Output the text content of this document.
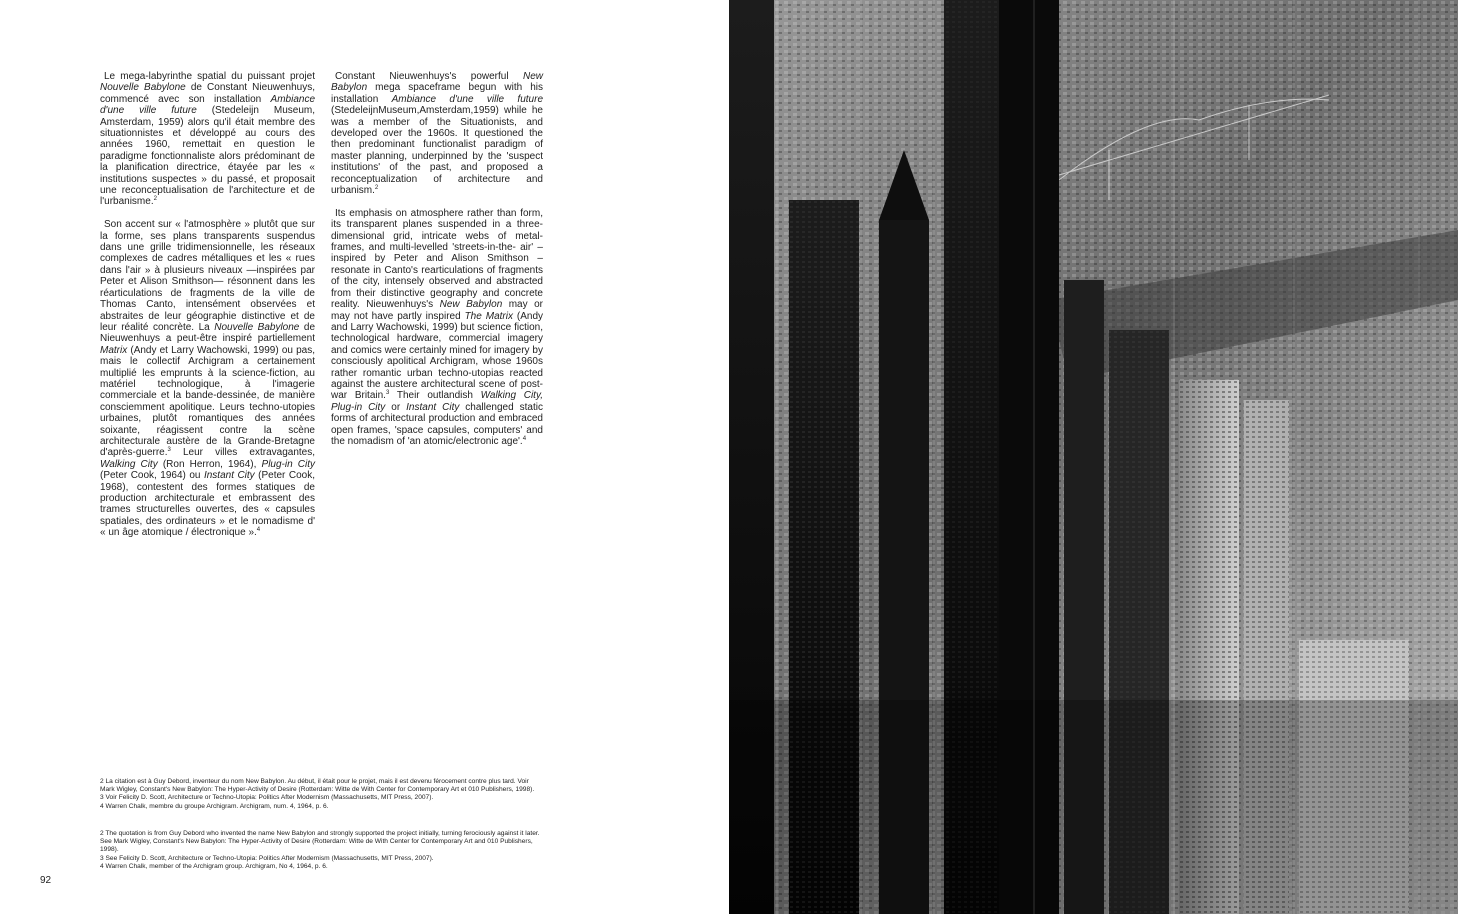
Le mega-labyrinthe spatial du puissant projet Nouvelle Babylone de Constant Nieuwenhuys, commencé avec son installation Ambiance d'une ville future (Stedeleijn Museum, Amsterdam, 1959) alors qu'il était membre des situationnistes et développé au cours des années 1960, remettait en question le paradigme fonctionnaliste alors prédominant de la planification directrice, étayée par les « institutions suspectes » du passé, et proposait une reconceptualisation de l'architecture et de l'urbanisme.$^2$

Son accent sur « l'atmosphère » plutôt que sur la forme, ses plans transparents suspendus dans une grille tridimensionnelle, les réseaux complexes de cadres métalliques et les « rues dans l'air » à plusieurs niveaux —inspirées par Peter et Alison Smithson— résonnent dans les réarticulations de fragments de la ville de Thomas Canto, intensément observées et abstraites de leur géographie distinctive et de leur réalité concrète. La Nouvelle Babylone de Nieuwenhuys a peut-être inspiré partiellement Matrix (Andy et Larry Wachowski, 1999) ou pas, mais le collectif Archigram a certainement multiplié les emprunts à la science-fiction, au matériel technologique, à l'imagerie commerciale et la bande-dessinée, de manière consciemment apolitique. Leurs techno-utopies urbaines, plutôt romantiques des années soixante, réagissent contre la scène architecturale austère de la Grande-Bretagne d'après-guerre.$^3$ Leur villes extravagantes, Walking City (Ron Herron, 1964), Plug-in City (Peter Cook, 1964) ou Instant City (Peter Cook, 1968), contestent des formes statiques de production architecturale et embrassent des trames structurelles ouvertes, des « capsules spatiales, des ordinateurs » et le nomadisme d' « un âge atomique / électronique ».$^4$

Constant Nieuwenhuys's powerful New Babylon mega spaceframe begun with his installation Ambiance d'une ville future (StedeleijnMuseum,Amsterdam,1959) while he was a member of the Situationists, and developed over the 1960s. It questioned the then predominant functionalist paradigm of master planning, underpinned by the 'suspect institutions' of the past, and proposed a reconceptualization of architecture and urbanism.$^2$

Its emphasis on atmosphere rather than form, its transparent planes suspended in a three-dimensional grid, intricate webs of metal-frames, and multi-levelled 'streets-in-the- air' – inspired by Peter and Alison Smithson – resonate in Canto's rearticulations of fragments of the city, intensely observed and abstracted from their distinctive geography and concrete reality. Nieuwenhuys's New Babylon may or may not have partly inspired The Matrix (Andy and Larry Wachowski, 1999) but science fiction, technological hardware, commercial imagery and comics were certainly mined for imagery by consciously apolitical Archigram, whose 1960s rather romantic urban techno-utopias reacted against the austere architectural scene of post-war Britain.$^3$ Their outlandish Walking City, Plug-in City or Instant City challenged static forms of architectural production and embraced open frames, 'space capsules, computers' and the nomadism of 'an atomic/electronic age'.$^4$

2 La citation est à Guy Debord, inventeur du nom New Babylon. Au début, il était pour le projet, mais il est devenu férocement contre plus tard. Voir Mark Wigley, Constant's New Babylon: The Hyper-Activity of Desire (Rotterdam: Witte de With Center for Contemporary Art et 010 Publishers, 1998).
3 Voir Felicity D. Scott, Architecture or Techno-Utopia: Politics After Modernism (Massachusetts, MIT Press, 2007).
4 Warren Chalk, membre du groupe Archigram. Archigram, num. 4, 1964, p. 6.
2 The quotation is from Guy Debord who invented the name New Babylon and strongly supported the project initially, turning ferociously against it later. See Mark Wigley, Constant's New Babylon: The Hyper-Activity of Desire (Rotterdam: Witte de With Center for Contemporary Art and 010 Publishers, 1998).
3 See Felicity D. Scott, Architecture or Techno-Utopia: Politics After Modernism (Massachusetts, MIT Press, 2007).
4 Warren Chalk, member of the Archigram group. Archigram, No 4, 1964, p. 6.
92
